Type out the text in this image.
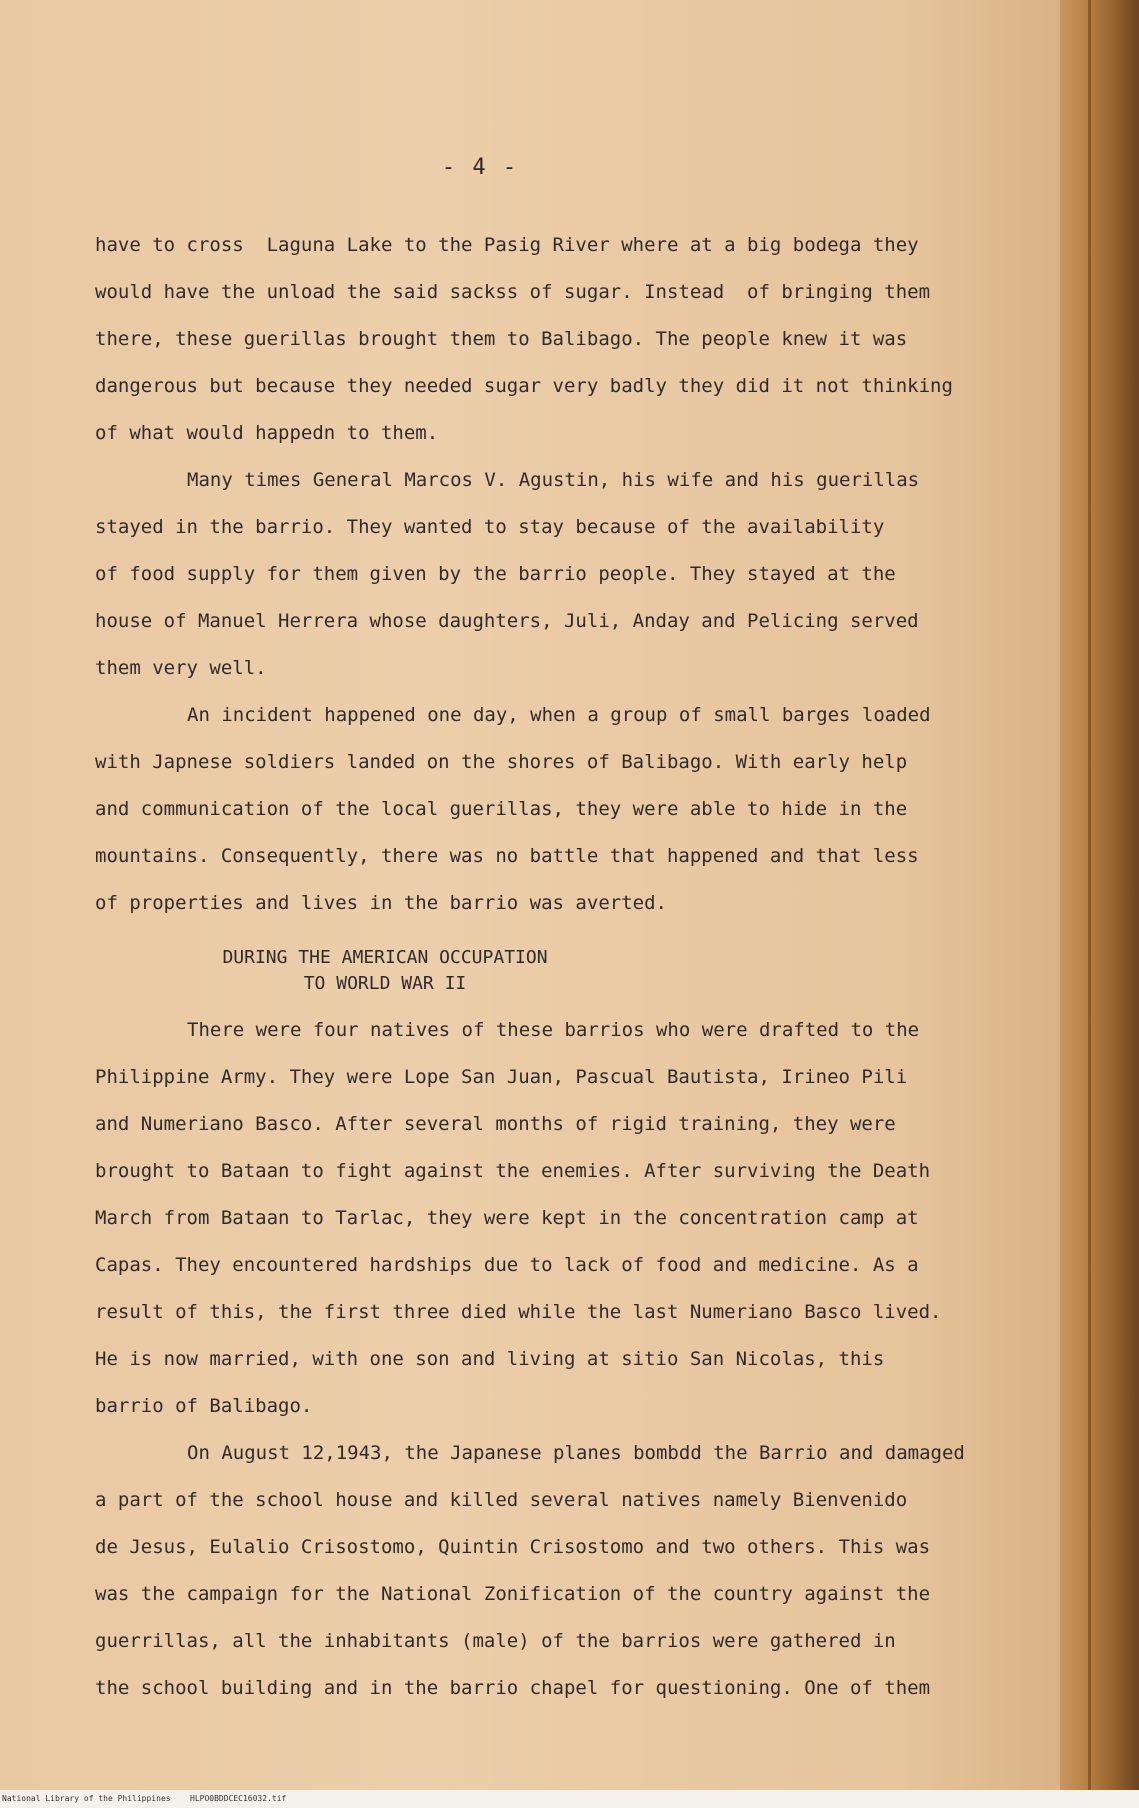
- 4 -
have to cross  Laguna Lake to the Pasig River where at a big bodega they
would have the unload the said sackss of sugar. Instead  of bringing them
there, these guerillas brought them to Balibago. The people knew it was
dangerous but because they needed sugar very badly they did it not thinking
of what would happedn to them.
Many times General Marcos V. Agustin, his wife and his guerillas
stayed in the barrio. They wanted to stay because of the availability
of food supply for them given by the barrio people. They stayed at the
house of Manuel Herrera whose daughters, Juli, Anday and Pelicing served
them very well.
An incident happened one day, when a group of small barges loaded
with Japnese soldiers landed on the shores of Balibago. With early help
and communication of the local guerillas, they were able to hide in the
mountains. Consequently, there was no battle that happened and that less
of properties and lives in the barrio was averted.
DURING THE AMERICAN OCCUPATION
TO WORLD WAR II
There were four natives of these barrios who were drafted to the
Philippine Army. They were Lope San Juan, Pascual Bautista, Irineo Pili
and Numeriano Basco. After several months of rigid training, they were
brought to Bataan to fight against the enemies. After surviving the Death
March from Bataan to Tarlac, they were kept in the concentration camp at
Capas. They encountered hardships due to lack of food and medicine. As a
result of this, the first three died while the last Numeriano Basco lived.
He is now married, with one son and living at sitio San Nicolas, this
barrio of Balibago.
On August 12,1943, the Japanese planes bombdd the Barrio and damaged
a part of the school house and killed several natives namely Bienvenido
de Jesus, Eulalio Crisostomo, Quintin Crisostomo and two others. This was
was the campaign for the National Zonification of the country against the
guerrillas, all the inhabitants (male) of the barrios were gathered in
the school building and in the barrio chapel for questioning. One of them
National Library of the Philippines HLPO0BDDCEC16032.tif
